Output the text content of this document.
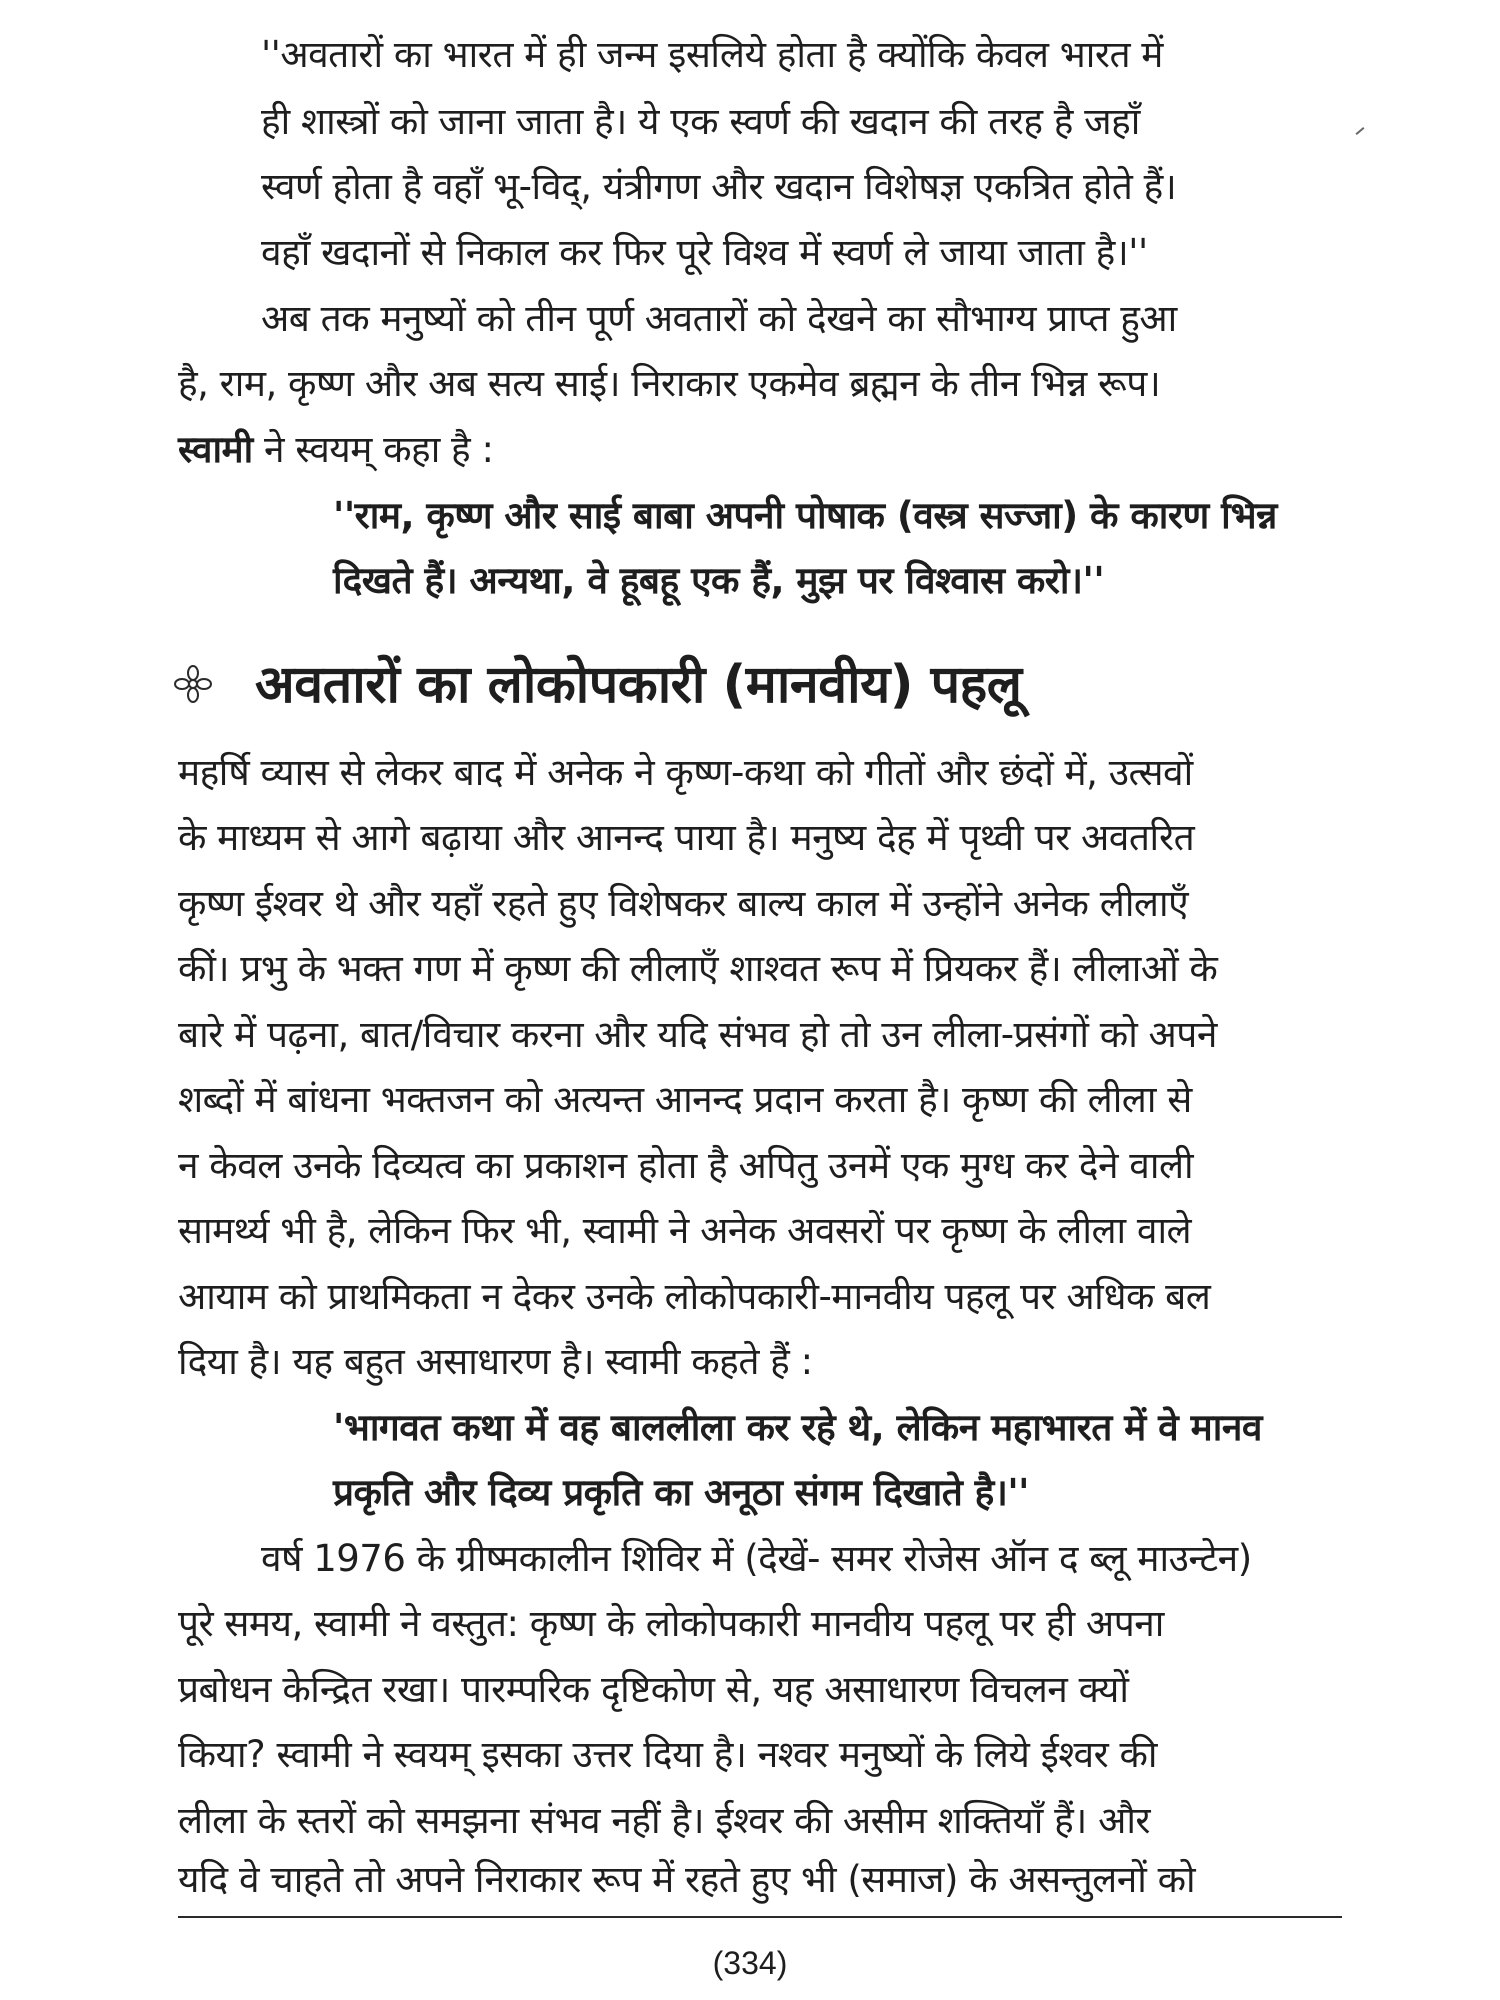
''अवतारों का भारत में ही जन्म इसलिये होता है क्योंकि केवल भारत में
ही शास्त्रों को जाना जाता है। ये एक स्वर्ण की खदान की तरह है जहाँ
स्वर्ण होता है वहाँ भू-विद्, यंत्रीगण और खदान विशेषज्ञ एकत्रित होते हैं।
वहाँ खदानों से निकाल कर फिर पूरे विश्व में स्वर्ण ले जाया जाता है।''
अब तक मनुष्यों को तीन पूर्ण अवतारों को देखने का सौभाग्य प्राप्त हुआ
है, राम, कृष्ण और अब सत्य साई। निराकार एकमेव ब्रह्मन के तीन भिन्न रूप।
स्वामी ने स्वयम् कहा है :
''राम, कृष्ण और साई बाबा अपनी पोषाक (वस्त्र सज्जा) के कारण भिन्न
दिखते हैं। अन्यथा, वे हूबहू एक हैं, मुझ पर विश्वास करो।''
अवतारों का लोकोपकारी (मानवीय) पहलू
महर्षि व्यास से लेकर बाद में अनेक ने कृष्ण-कथा को गीतों और छंदों में, उत्सवों
के माध्यम से आगे बढ़ाया और आनन्द पाया है। मनुष्य देह में पृथ्वी पर अवतरित
कृष्ण ईश्वर थे और यहाँ रहते हुए विशेषकर बाल्य काल में उन्होंने अनेक लीलाएँ
कीं। प्रभु के भक्त गण में कृष्ण की लीलाएँ शाश्वत रूप में प्रियकर हैं। लीलाओं के
बारे में पढ़ना, बात/विचार करना और यदि संभव हो तो उन लीला-प्रसंगों को अपने
शब्दों में बांधना भक्तजन को अत्यन्त आनन्द प्रदान करता है। कृष्ण की लीला से
न केवल उनके दिव्यत्व का प्रकाशन होता है अपितु उनमें एक मुग्ध कर देने वाली
सामर्थ्य भी है, लेकिन फिर भी, स्वामी ने अनेक अवसरों पर कृष्ण के लीला वाले
आयाम को प्राथमिकता न देकर उनके लोकोपकारी-मानवीय पहलू पर अधिक बल
दिया है। यह बहुत असाधारण है। स्वामी कहते हैं :
'भागवत कथा में वह बाललीला कर रहे थे, लेकिन महाभारत में वे मानव
प्रकृति और दिव्य प्रकृति का अनूठा संगम दिखाते है।''
वर्ष 1976 के ग्रीष्मकालीन शिविर में (देखें- समर रोजेस ऑन द ब्लू माउन्टेन)
पूरे समय, स्वामी ने वस्तुत: कृष्ण के लोकोपकारी मानवीय पहलू पर ही अपना
प्रबोधन केन्द्रित रखा। पारम्परिक दृष्टिकोण से, यह असाधारण विचलन क्यों
किया? स्वामी ने स्वयम् इसका उत्तर दिया है। नश्वर मनुष्यों के लिये ईश्वर की
लीला के स्तरों को समझना संभव नहीं है। ईश्वर की असीम शक्तियाँ हैं। और
यदि वे चाहते तो अपने निराकार रूप में रहते हुए भी (समाज) के असन्तुलनों को
(334)
